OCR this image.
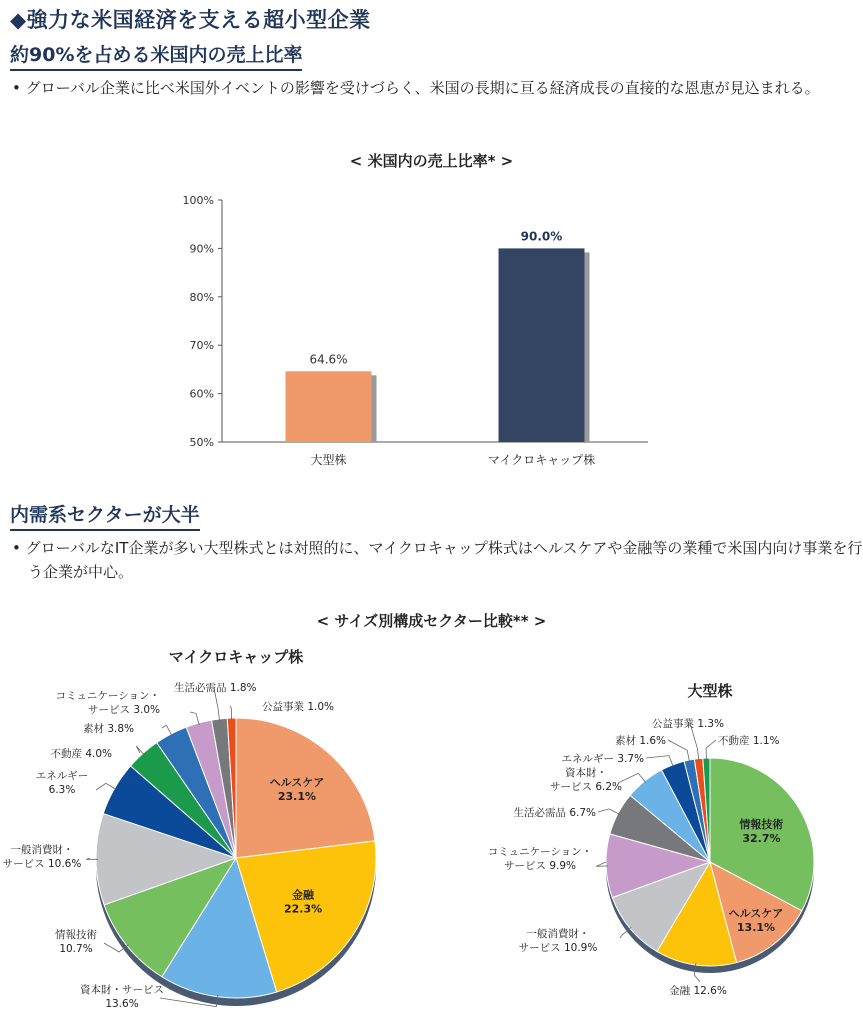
◆強力な米国経済を支える超小型企業
約90%を占める米国内の売上比率
• グローバル企業に比べ米国外イベントの影響を受けづらく、米国の長期に亘る経済成長の直接的な恩恵が見込まれる。
< 米国内の売上比率* >
50%
60%
70%
80%
90%
100%
64.6%
大型株
90.0%
マイクロキャップ株
内需系セクターが大半
• グローバルなIT企業が多い大型株式とは対照的に、マイクロキャップ株式はヘルスケアや金融等の業種で米国内向け事業を行う企業が中心。
< サイズ別構成セクター比較** >
マイクロキャップ株
ヘルスケア
23.1%
金融
22.3%
資本財・サービス
13.6%
情報技術
10.7%
一般消費財・
サービス 10.6%
エネルギー
6.3%
不動産 4.0%
素材 3.8%
コミュニケーション・
サービス 3.0%
生活必需品 1.8%
公益事業 1.0%
大型株
情報技術
32.7%
ヘルスケア
13.1%
金融 12.6%
一般消費財・
サービス 10.9%
コミュニケーション・
サービス 9.9%
生活必需品 6.7%
資本財・
サービス 6.2%
エネルギー 3.7%
素材 1.6%
公益事業 1.3%
不動産 1.1%
